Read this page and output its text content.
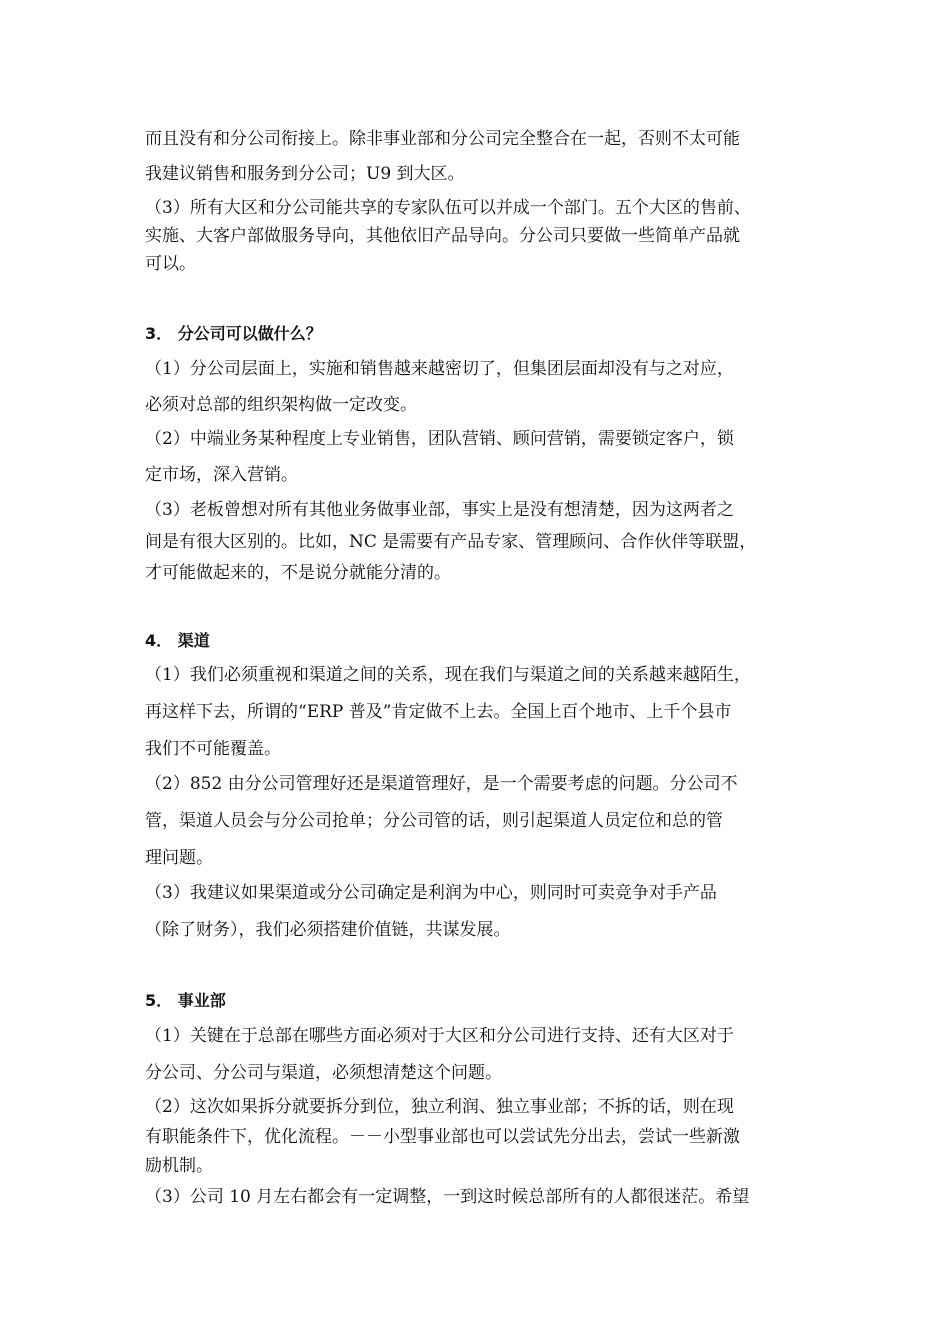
而且没有和分公司衔接上。除非事业部和分公司完全整合在一起，否则不太可能
我建议销售和服务到分公司；U9 到大区。
（3）所有大区和分公司能共享的专家队伍可以并成一个部门。五个大区的售前、
实施、大客户部做服务导向，其他依旧产品导向。分公司只要做一些简单产品就
可以。
3． 分公司可以做什么？
（1）分公司层面上，实施和销售越来越密切了，但集团层面却没有与之对应，
必须对总部的组织架构做一定改变。
（2）中端业务某种程度上专业销售，团队营销、顾问营销，需要锁定客户，锁
定市场，深入营销。
（3）老板曾想对所有其他业务做事业部，事实上是没有想清楚，因为这两者之
间是有很大区别的。比如，NC 是需要有产品专家、管理顾问、合作伙伴等联盟，
才可能做起来的，不是说分就能分清的。
4． 渠道
（1）我们必须重视和渠道之间的关系，现在我们与渠道之间的关系越来越陌生，
再这样下去，所谓的“ERP 普及”肯定做不上去。全国上百个地市、上千个县市
我们不可能覆盖。
（2）852 由分公司管理好还是渠道管理好，是一个需要考虑的问题。分公司不
管，渠道人员会与分公司抢单；分公司管的话，则引起渠道人员定位和总的管
理问题。
（3）我建议如果渠道或分公司确定是利润为中心，则同时可卖竞争对手产品
（除了财务），我们必须搭建价值链，共谋发展。
5． 事业部
（1）关键在于总部在哪些方面必须对于大区和分公司进行支持、还有大区对于
分公司、分公司与渠道，必须想清楚这个问题。
（2）这次如果拆分就要拆分到位，独立利润、独立事业部；不拆的话，则在现
有职能条件下，优化流程。－－小型事业部也可以尝试先分出去，尝试一些新激
励机制。
（3）公司 10 月左右都会有一定调整，一到这时候总部所有的人都很迷茫。希望
